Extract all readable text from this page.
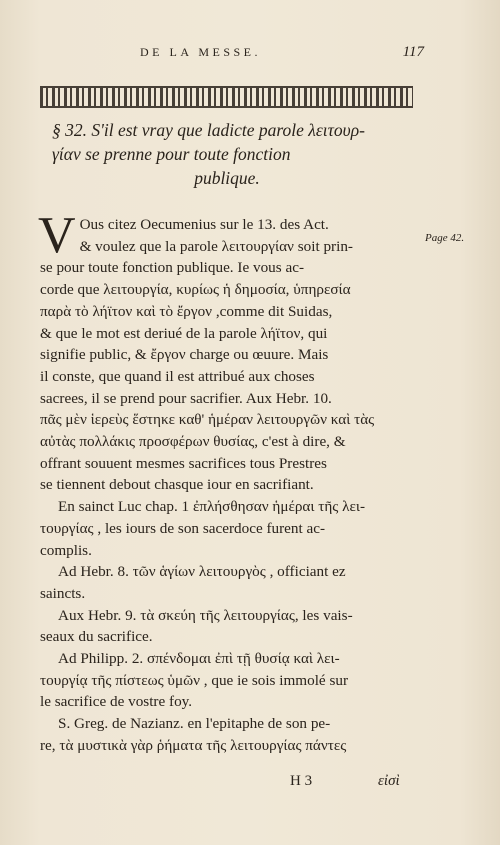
DE LA MESSE.	117
§ 32. S'il est vray que ladicte parole λειτουρ-
γίαν se prenne pour toute fonction
publique.
Page 42.

V Ous citez Oecumenius sur le 13. des Act.
& voulez que la parole λειτουργίαν soit prin-
se pour toute fonction publique. Ie vous ac-
corde que λειτουργία, κυρίως ἡ δημοσία, ὑπηρεσία
παρὰ τὸ λήϊτον καὶ τὸ ἔργον ,comme dit Suidas,
& que le mot est deriué de la parole λήϊτον, qui
signifie public, & ἔργον charge ou œuure. Mais
il conste, que quand il est attribué aux choses
sacrees, il se prend pour sacrifier. Aux Hebr. 10.
πᾶς μὲν ἱερεὺς ἕστηκε καθ' ἡμέραν λειτουργῶν καὶ τὰς
αὐτὰς πολλάκις προσφέρων θυσίας, c'est à dire, &
offrant souuent mesmes sacrifices tous Prestres
se tiennent debout chasque iour en sacrifiant.

En sainct Luc chap. 1 ἐπλήσθησαν ἡμέραι τῆς λει-
τουργίας , les iours de son sacerdoce furent ac-
complis.

Ad Hebr. 8. τῶν ἁγίων λειτουργὸς , officiant ez
saincts.

Aux Hebr. 9. τὰ σκεύη τῆς λειτουργίας, les vais-
seaux du sacrifice.

Ad Philipp. 2. σπένδομαι ἐπὶ τῇ θυσίᾳ καὶ λει-
τουργίᾳ τῆς πίστεως ὑμῶν , que ie sois immolé sur
le sacrifice de vostre foy.

S. Greg. de Nazianz. en l'epitaphe de son pe-
re, τὰ μυστικὰ γὰρ ῥήματα τῆς λειτουργίας πάντες

H 3	εἰσὶ
